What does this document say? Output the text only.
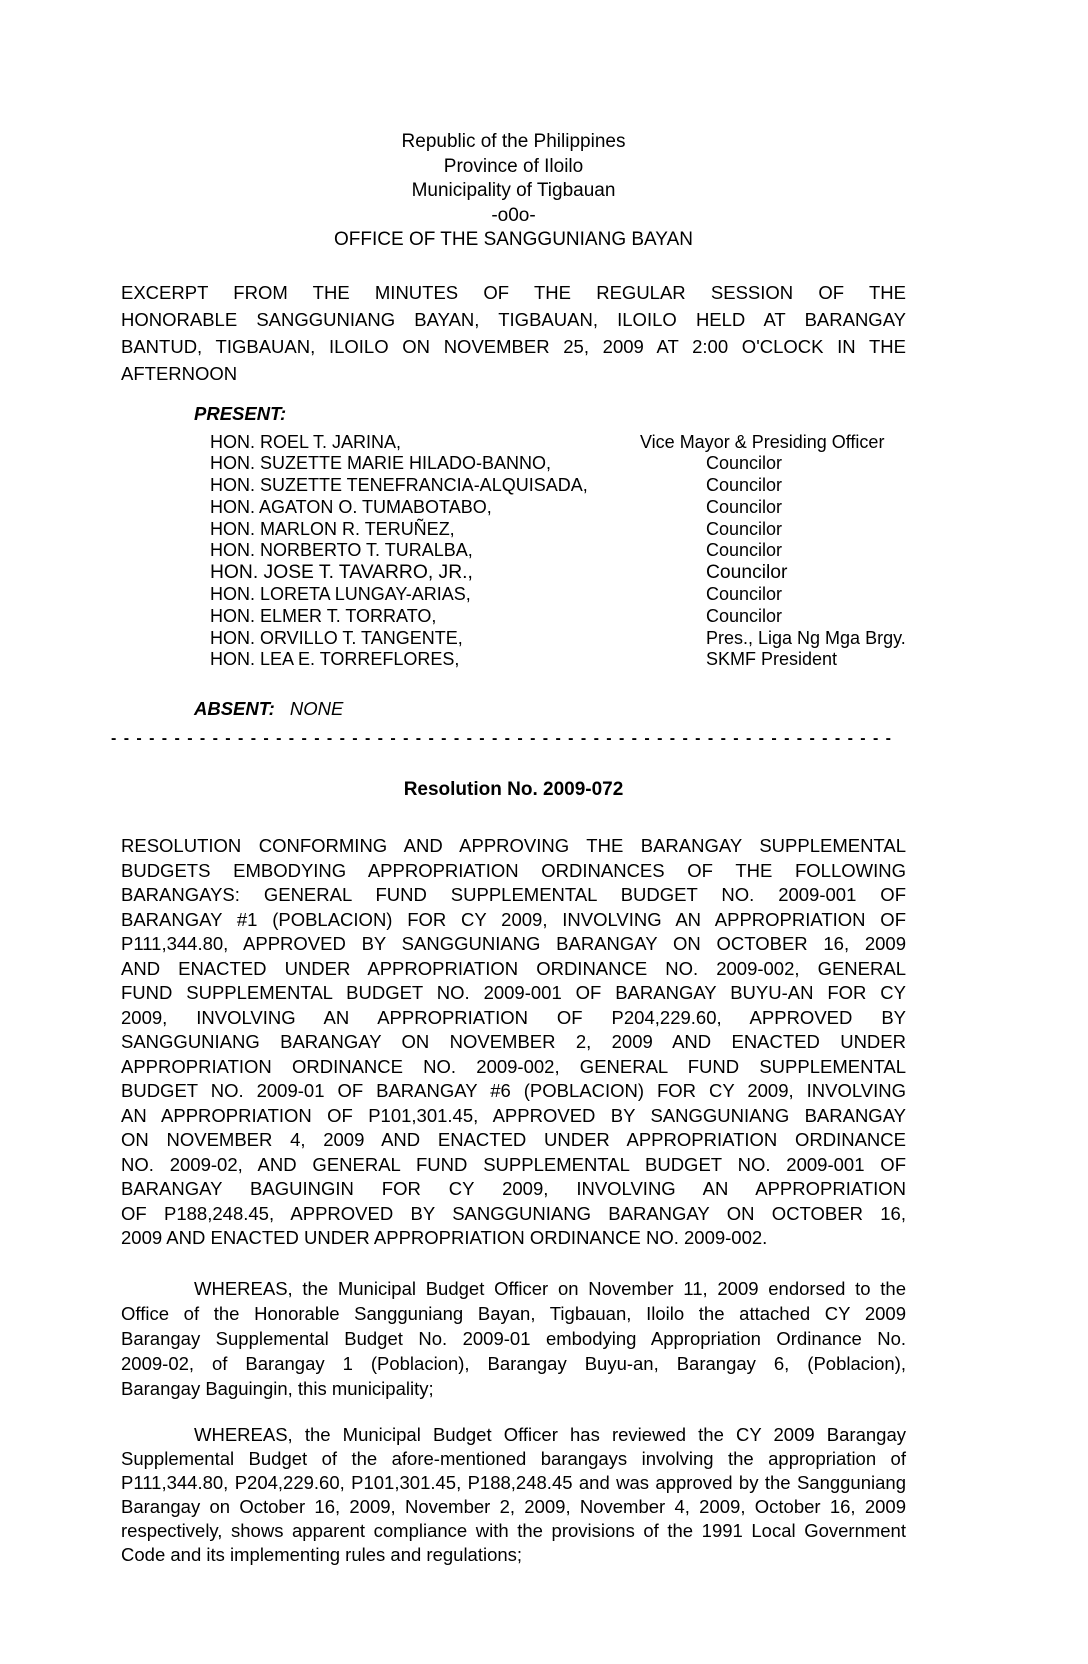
Republic of the Philippines
Province of Iloilo
Municipality of Tigbauan
-o0o-
OFFICE OF THE SANGGUNIANG BAYAN
EXCERPT FROM THE MINUTES OF THE REGULAR SESSION OF THE
HONORABLE SANGGUNIANG BAYAN, TIGBAUAN, ILOILO HELD AT BARANGAY
BANTUD, TIGBAUAN, ILOILO ON NOVEMBER 25, 2009 AT 2:00 O'CLOCK IN THE
AFTERNOON
PRESENT:
HON. ROEL T. JARINA,	Vice Mayor & Presiding Officer
HON. SUZETTE MARIE HILADO-BANNO,	Councilor
HON. SUZETTE TENEFRANCIA-ALQUISADA,	Councilor
HON. AGATON O. TUMABOTABO,	Councilor
HON. MARLON R. TERUÑEZ,	Councilor
HON. NORBERTO T. TURALBA,	Councilor
HON. JOSE T. TAVARRO, JR.,	Councilor
HON. LORETA LUNGAY-ARIAS,	Councilor
HON. ELMER T. TORRATO,	Councilor
HON. ORVILLO T. TANGENTE,	Pres., Liga Ng Mga Brgy.
HON. LEA E. TORREFLORES,	SKMF President
ABSENT: NONE
- - - - - - - - - - - - - - - - - - - - - - - - - - - - - - - - - - - - - - - - - - - - - - - - - - - - - - - - - - - - - -
Resolution No. 2009-072
RESOLUTION CONFORMING AND APPROVING THE BARANGAY SUPPLEMENTAL
BUDGETS EMBODYING APPROPRIATION ORDINANCES OF THE FOLLOWING
BARANGAYS: GENERAL FUND SUPPLEMENTAL BUDGET NO. 2009-001 OF
BARANGAY #1 (POBLACION) FOR CY 2009, INVOLVING AN APPROPRIATION OF
P111,344.80, APPROVED BY SANGGUNIANG BARANGAY ON OCTOBER 16, 2009
AND ENACTED UNDER APPROPRIATION ORDINANCE NO. 2009-002, GENERAL
FUND SUPPLEMENTAL BUDGET NO. 2009-001 OF BARANGAY BUYU-AN FOR CY
2009, INVOLVING AN APPROPRIATION OF P204,229.60, APPROVED BY
SANGGUNIANG BARANGAY ON NOVEMBER 2, 2009 AND ENACTED UNDER
APPROPRIATION ORDINANCE NO. 2009-002, GENERAL FUND SUPPLEMENTAL
BUDGET NO. 2009-01 OF BARANGAY #6 (POBLACION) FOR CY 2009, INVOLVING
AN APPROPRIATION OF P101,301.45, APPROVED BY SANGGUNIANG BARANGAY
ON NOVEMBER 4, 2009 AND ENACTED UNDER APPROPRIATION ORDINANCE
NO. 2009-02, AND GENERAL FUND SUPPLEMENTAL BUDGET NO. 2009-001 OF
BARANGAY BAGUINGIN FOR CY 2009, INVOLVING AN APPROPRIATION
OF P188,248.45, APPROVED BY SANGGUNIANG BARANGAY ON OCTOBER 16,
2009 AND ENACTED UNDER APPROPRIATION ORDINANCE NO. 2009-002.
WHEREAS, the Municipal Budget Officer on November 11, 2009 endorsed to the
Office of the Honorable Sangguniang Bayan, Tigbauan, Iloilo the attached CY 2009
Barangay Supplemental Budget No. 2009-01 embodying Appropriation Ordinance No.
2009-02, of Barangay 1 (Poblacion), Barangay Buyu-an, Barangay 6, (Poblacion),
Barangay Baguingin, this municipality;
WHEREAS, the Municipal Budget Officer has reviewed the CY 2009 Barangay
Supplemental Budget of the afore-mentioned barangays involving the appropriation of
P111,344.80, P204,229.60, P101,301.45, P188,248.45 and was approved by the Sangguniang
Barangay on October 16, 2009, November 2, 2009, November 4, 2009, October 16, 2009
respectively, shows apparent compliance with the provisions of the 1991 Local Government
Code and its implementing rules and regulations;
